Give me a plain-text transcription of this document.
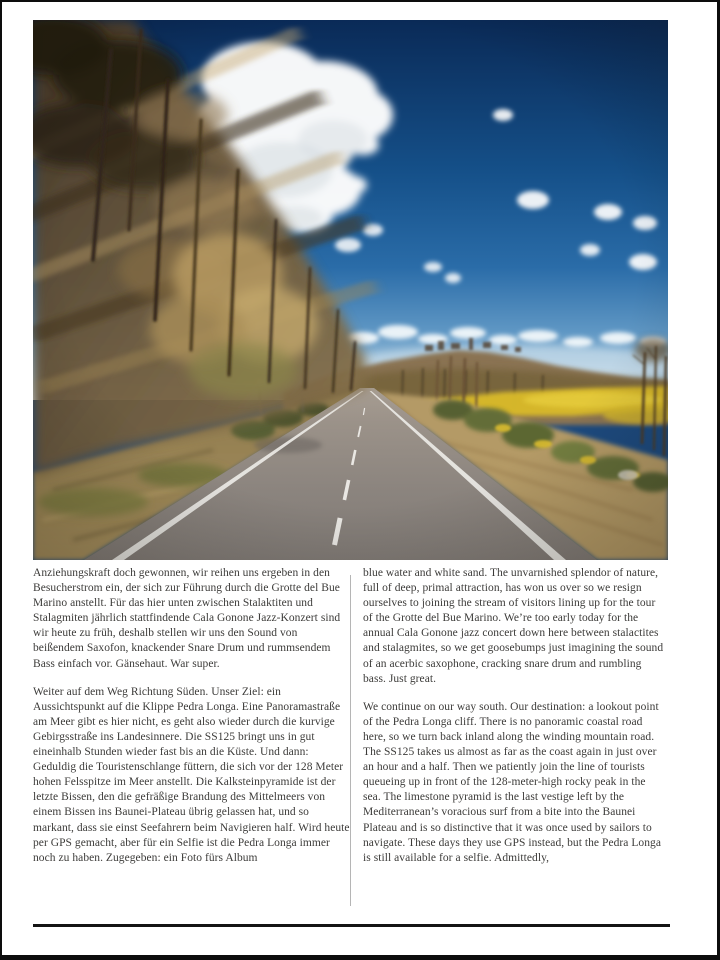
Anziehungskraft doch gewonnen, wir reihen uns ergeben in den Besucherstrom ein, der sich zur Führung durch die Grotte del Bue Marino anstellt. Für das hier unten zwischen Stalaktiten und Stalagmiten jährlich stattfindende Cala Gonone Jazz-Konzert sind wir heute zu früh, deshalb stellen wir uns den Sound von beißendem Saxofon, knackender Snare Drum und rummsendem Bass einfach vor. Gänsehaut. War super.

Weiter auf dem Weg Richtung Süden. Unser Ziel: ein Aussichtspunkt auf die Klippe Pedra Longa. Eine Panoramastraße am Meer gibt es hier nicht, es geht also wieder durch die kurvige Gebirgsstraße ins Landesinnere. Die SS125 bringt uns in gut eineinhalb Stunden wieder fast bis an die Küste. Und dann: Geduldig die Touristenschlange füttern, die sich vor der 128 Meter hohen Felsspitze im Meer anstellt. Die Kalksteinpyramide ist der letzte Bissen, den die gefräßige Brandung des Mittelmeers von einem Bissen ins Baunei-Plateau übrig gelassen hat, und so markant, dass sie einst Seefahrern beim Navigieren half. Wird heute per GPS gemacht, aber für ein Selfie ist die Pedra Longa immer noch zu haben. Zugegeben: ein Foto fürs Album

blue water and white sand. The unvarnished splendor of nature, full of deep, primal attraction, has won us over so we resign ourselves to joining the stream of visitors lining up for the tour of the Grotte del Bue Marino. We’re too early today for the annual Cala Gonone jazz concert down here between stalactites and stalagmites, so we get goosebumps just imagining the sound of an acerbic saxophone, cracking snare drum and rumbling bass. Just great.

We continue on our way south. Our destination: a lookout point of the Pedra Longa cliff. There is no panoramic coastal road here, so we turn back inland along the winding mountain road. The SS125 takes us almost as far as the coast again in just over an hour and a half. Then we patiently join the line of tourists queueing up in front of the 128-meter-high rocky peak in the sea. The limestone pyramid is the last vestige left by the Mediterranean’s voracious surf from a bite into the Baunei Plateau and is so distinctive that it was once used by sailors to navigate. These days they use GPS instead, but the Pedra Longa is still available for a selfie. Admittedly,
